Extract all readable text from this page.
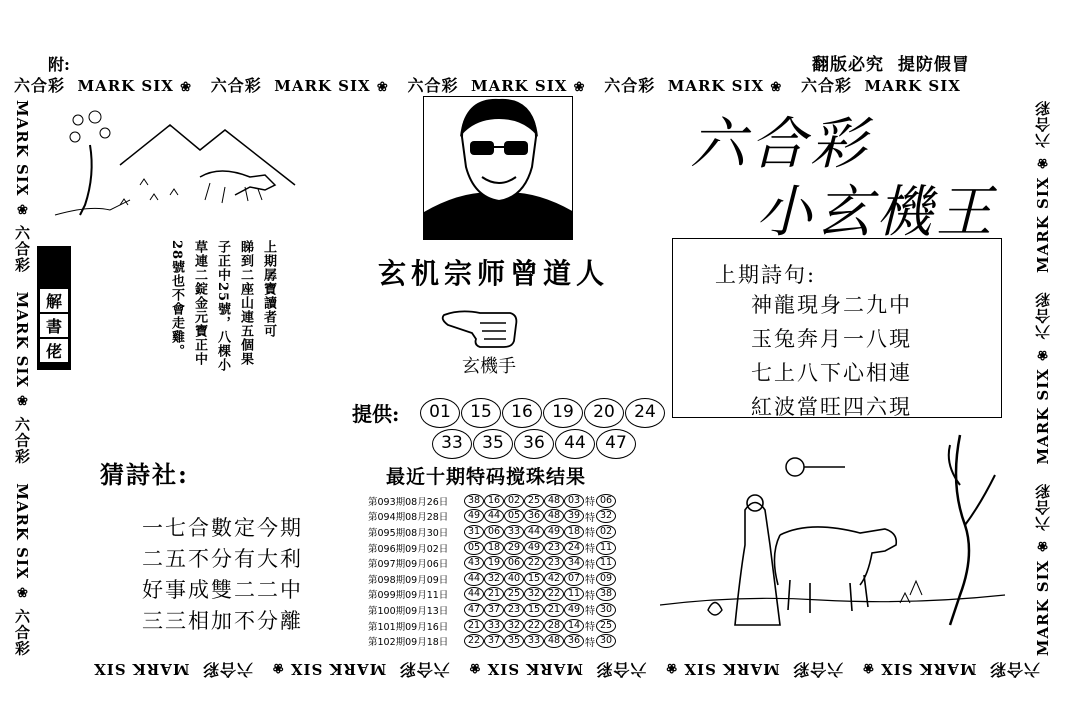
附:	翻版必究 提防假冒
六合彩 MARK SIX ❀ 六合彩 MARK SIX ❀ 六合彩 MARK SIX ❀ 六合彩 MARK SIX ❀ 六合彩 MARK SIX
六合彩  MARK SIX ❀   六合彩  MARK SIX ❀   六合彩  MARK SIX ❀   六合彩  MARK SIX ❀   六合彩  MARK SIX
MARK SIX ❀ 六合彩   MARK SIX ❀ 六合彩   MARK SIX ❀ 六合彩	MARK SIX ❀ 六合彩   MARK SIX ❀ 六合彩   MARK SIX ❀ 六合彩
解
書
佬
上期孱寶讀者可
睇到二座山連五個果
子正中25號，八棵小
草連二錠金元寶正中
28號也不會走雞。
猜詩社:
一七合數定今期
二五不分有大利
好事成雙二二中
三三相加不分離
玄机宗师曾道人
玄機手
提供:	01 15 16 19 20 24
33 35 36 44 47
最近十期特码搅珠结果
第093期08月26日	38 16 02 25 48 03 特 06
第094期08月28日	49 44 05 36 48 39 特 32
第095期08月30日	31 06 33 44 49 18 特 02
第096期09月02日	05 18 29 49 23 24 特 11
第097期09月06日	43 19 06 22 23 34 特 11
第098期09月09日	44 32 40 15 42 07 特 09
第099期09月11日	44 21 25 32 22 11 特 38
第100期09月13日	47 37 23 15 21 49 特 30
第101期09月16日	21 33 32 22 28 14 特 25
第102期09月18日	22 37 35 33 48 36 特 30
六合彩
小玄機王
上期詩句:
神龍現身二九中
玉兔奔月一八現
七上八下心相連
紅波當旺四六現
